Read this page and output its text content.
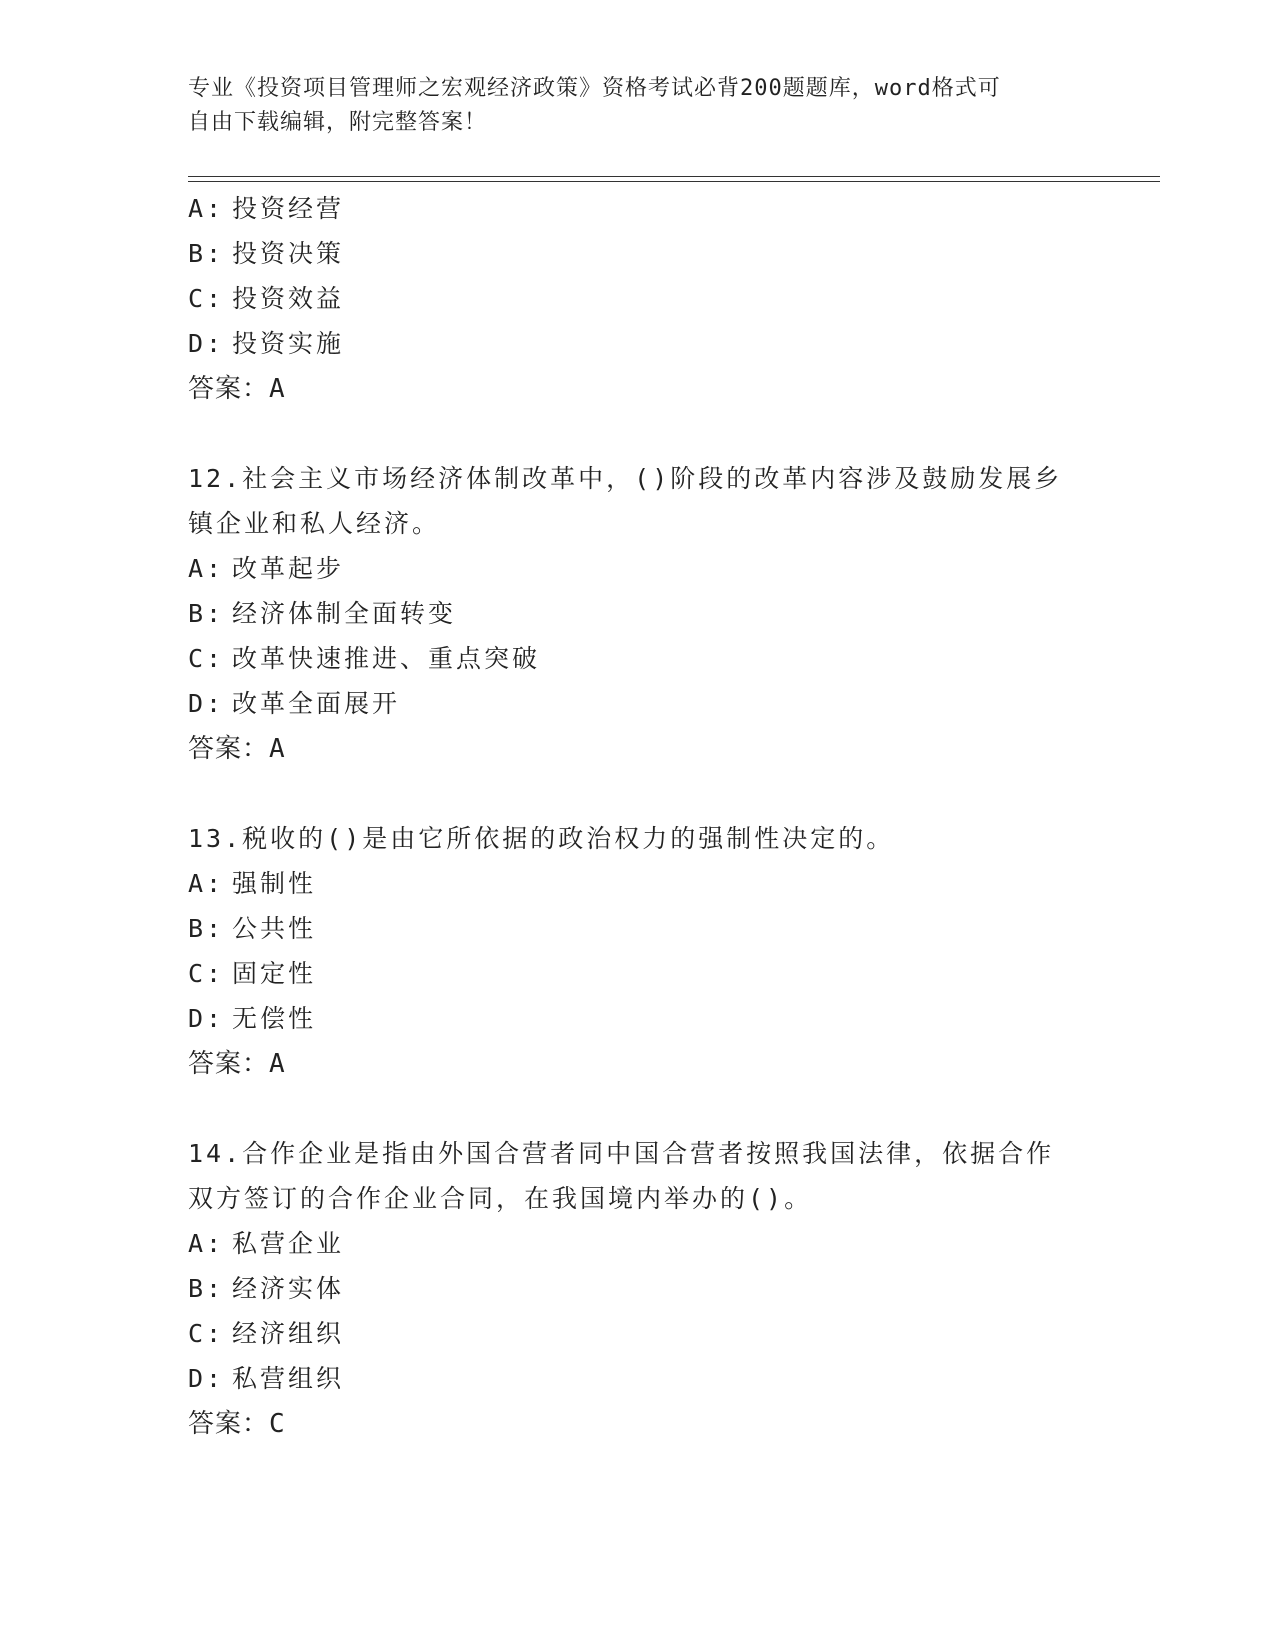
专业《投资项目管理师之宏观经济政策》资格考试必背200题题库，word格式可
自由下载编辑，附完整答案！
A: 投资经营
B: 投资决策
C: 投资效益
D: 投资实施
答案：A
12.社会主义市场经济体制改革中，()阶段的改革内容涉及鼓励发展乡
镇企业和私人经济。
A: 改革起步
B: 经济体制全面转变
C: 改革快速推进、重点突破
D: 改革全面展开
答案：A
13.税收的()是由它所依据的政治权力的强制性决定的。
A: 强制性
B: 公共性
C: 固定性
D: 无偿性
答案：A
14.合作企业是指由外国合营者同中国合营者按照我国法律，依据合作
双方签订的合作企业合同，在我国境内举办的()。
A: 私营企业
B: 经济实体
C: 经济组织
D: 私营组织
答案：C
